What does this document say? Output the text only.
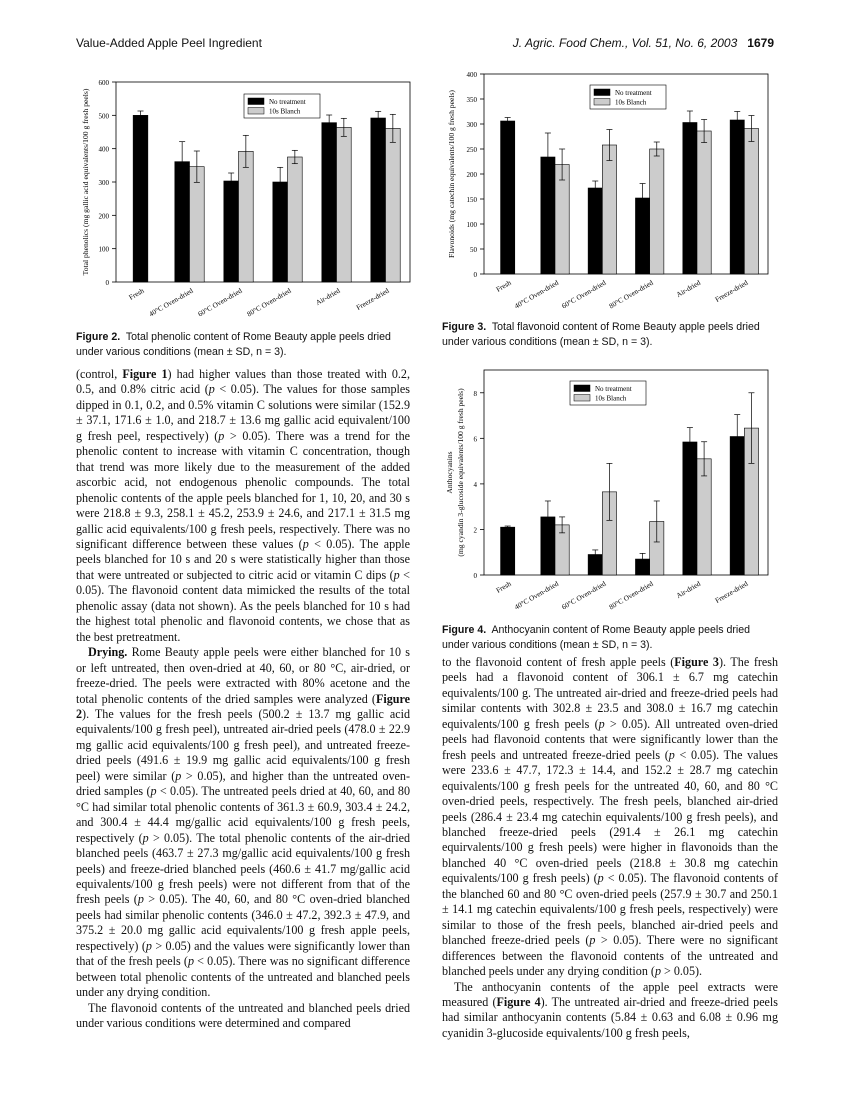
Value-Added Apple Peel Ingredient	J. Agric. Food Chem., Vol. 51, No. 6, 2003 1679
0
100
200
300
400
500
600
Total phenolics (mg gallic acid equivalents/100 g fresh peels)
Fresh 40°C Oven-dried 60°C Oven-dried 80°C Oven-dried	Air-dried Freeze-dried
No treatment
10s Blanch
Figure 2. Total phenolic content of Rome Beauty apple peels dried under various conditions (mean ± SD, n = 3).
0
50
100
150
200
250
300
350
400
Flavonoids (mg catechin equivalents/100 g fresh peels)
Fresh 40°C Oven-dried 60°C Oven-dried 80°C Oven-dried	Air-dried Freeze-dried
No treatment
10s Blanch
Figure 3. Total flavonoid content of Rome Beauty apple peels dried under various conditions (mean ± SD, n = 3).
0
2
4
6
8
Anthocyanins (mg cyandin 3-glucoside equivalents/100 g fresh peels)
Fresh 40°C Oven-dried 60°C Oven-dried 80°C Oven-dried	Air-dried Freeze-dried
No treatment
10s Blanch
Figure 4. Anthocyanin content of Rome Beauty apple peels dried under various conditions (mean ± SD, n = 3).

(control, Figure 1) had higher values than those treated with 0.2, 0.5, and 0.8% citric acid (p < 0.05). The values for those samples dipped in 0.1, 0.2, and 0.5% vitamin C solutions were similar (152.9 ± 37.1, 171.6 ± 1.0, and 218.7 ± 13.6 mg gallic acid equivalent/100 g fresh peel, respectively) (p > 0.05). There was a trend for the phenolic content to increase with vitamin C concentration, though that trend was more likely due to the measurement of the added ascorbic acid, not endogenous phenolic compounds. The total phenolic contents of the apple peels blanched for 1, 10, 20, and 30 s were 218.8 ± 9.3, 258.1 ± 45.2, 253.9 ± 24.6, and 217.1 ± 31.5 mg gallic acid equivalents/100 g fresh peels, respectively. There was no significant difference between these values (p < 0.05). The apple peels blanched for 10 s and 20 s were statistically higher than those that were untreated or subjected to citric acid or vitamin C dips (p < 0.05). The flavonoid content data mimicked the results of the total phenolic assay (data not shown). As the peels blanched for 10 s had the highest total phenolic and flavonoid contents, we chose that as the best pretreatment.

Drying. Rome Beauty apple peels were either blanched for 10 s or left untreated, then oven-dried at 40, 60, or 80 °C, air-dried, or freeze-dried. The peels were extracted with 80% acetone and the total phenolic contents of the dried samples were analyzed (Figure 2). The values for the fresh peels (500.2 ± 13.7 mg gallic acid equivalents/100 g fresh peel), untreated air-dried peels (478.0 ± 22.9 mg gallic acid equivalents/100 g fresh peel), and untreated freeze-dried peels (491.6 ± 19.9 mg gallic acid equivalents/100 g fresh peel) were similar (p > 0.05), and higher than the untreated oven-dried samples (p < 0.05). The untreated peels dried at 40, 60, and 80 °C had similar total phenolic contents of 361.3 ± 60.9, 303.4 ± 24.2, and 300.4 ± 44.4 mg/gallic acid equivalents/100 g fresh peels, respectively (p > 0.05). The total phenolic contents of the air-dried blanched peels (463.7 ± 27.3 mg/gallic acid equivalents/100 g fresh peels) and freeze-dried blanched peels (460.6 ± 41.7 mg/gallic acid equivalents/100 g fresh peels) were not different from that of the fresh peels (p > 0.05). The 40, 60, and 80 °C oven-dried blanched peels had similar phenolic contents (346.0 ± 47.2, 392.3 ± 47.9, and 375.2 ± 20.0 mg gallic acid equivalents/100 g fresh apple peels, respectively) (p > 0.05) and the values were significantly lower than that of the fresh peels (p < 0.05). There was no significant difference between total phenolic contents of the untreated and blanched peels under any drying condition.

The flavonoid contents of the untreated and blanched peels dried under various conditions were determined and compared

to the flavonoid content of fresh apple peels (Figure 3). The fresh peels had a flavonoid content of 306.1 ± 6.7 mg catechin equivalents/100 g. The untreated air-dried and freeze-dried peels had similar contents with 302.8 ± 23.5 and 308.0 ± 16.7 mg catechin equivalents/100 g fresh peels (p > 0.05). All untreated oven-dried peels had flavonoid contents that were significantly lower than the fresh peels and untreated freeze-dried peels (p < 0.05). The values were 233.6 ± 47.7, 172.3 ± 14.4, and 152.2 ± 28.7 mg catechin equivalents/100 g fresh peels for the untreated 40, 60, and 80 °C oven-dried peels, respectively. The fresh peels, blanched air-dried peels (286.4 ± 23.4 mg catechin equivalents/100 g fresh peels), and blanched freeze-dried peels (291.4 ± 26.1 mg catechin equirvalents/100 g fresh peels) were higher in flavonoids than the blanched 40 °C oven-dried peels (218.8 ± 30.8 mg catechin equivalents/100 g fresh peels) (p < 0.05). The flavonoid contents of the blanched 60 and 80 °C oven-dried peels (257.9 ± 30.7 and 250.1 ± 14.1 mg catechin equivalents/100 g fresh peels, respectively) were similar to those of the fresh peels, blanched air-dried peels and blanched freeze-dried peels (p > 0.05). There were no significant differences between the flavonoid contents of the untreated and blanched peels under any drying condition (p > 0.05).

The anthocyanin contents of the apple peel extracts were measured (Figure 4). The untreated air-dried and freeze-dried peels had similar anthocyanin contents (5.84 ± 0.63 and 6.08 ± 0.96 mg cyanidin 3-glucoside equivalents/100 g fresh peels,
